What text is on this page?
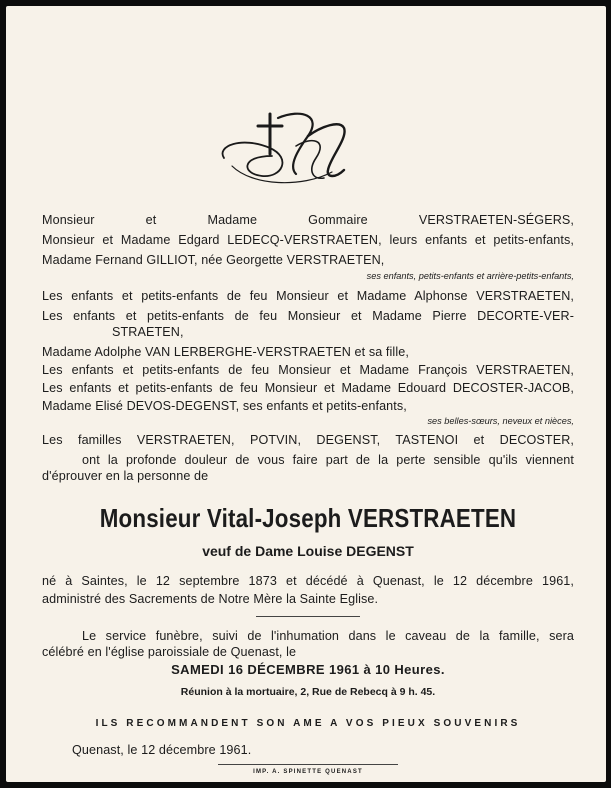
Monsieur et Madame Gommaire VERSTRAETEN-SÉGERS,
Monsieur et Madame Edgard LEDECQ-VERSTRAETEN, leurs enfants et petits-enfants,
Madame Fernand GILLIOT, née Georgette VERSTRAETEN,
ses enfants, petits-enfants et arrière-petits-enfants,
Les enfants et petits-enfants de feu Monsieur et Madame Alphonse VERSTRAETEN,
Les enfants et petits-enfants de feu Monsieur et Madame Pierre DECORTE-VER-
STRAETEN,
Madame Adolphe VAN LERBERGHE-VERSTRAETEN et sa fille,
Les enfants et petits-enfants de feu Monsieur et Madame François VERSTRAETEN,
Les enfants et petits-enfants de feu Monsieur et Madame Edouard DECOSTER-JACOB,
Madame Elisé DEVOS-DEGENST, ses enfants et petits-enfants,
ses belles-sœurs, neveux et nièces,
Les familles VERSTRAETEN, POTVIN, DEGENST, TASTENOI et DECOSTER,
ont la profonde douleur de vous faire part de la perte sensible qu'ils viennent
d'éprouver en la personne de
Monsieur Vital-Joseph VERSTRAETEN
veuf de Dame Louise DEGENST
né à Saintes, le 12 septembre 1873 et décédé à Quenast, le 12 décembre 1961,
administré des Sacrements de Notre Mère la Sainte Eglise.
Le service funèbre, suivi de l'inhumation dans le caveau de la famille, sera
célébré en l'église paroissiale de Quenast, le
SAMEDI 16 DÉCEMBRE 1961 à 10 Heures.
Réunion à la mortuaire, 2, Rue de Rebecq à 9 h. 45.
ILS RECOMMANDENT SON AME A VOS PIEUX SOUVENIRS
Quenast, le 12 décembre 1961.
IMP. A. SPINETTE QUENAST
